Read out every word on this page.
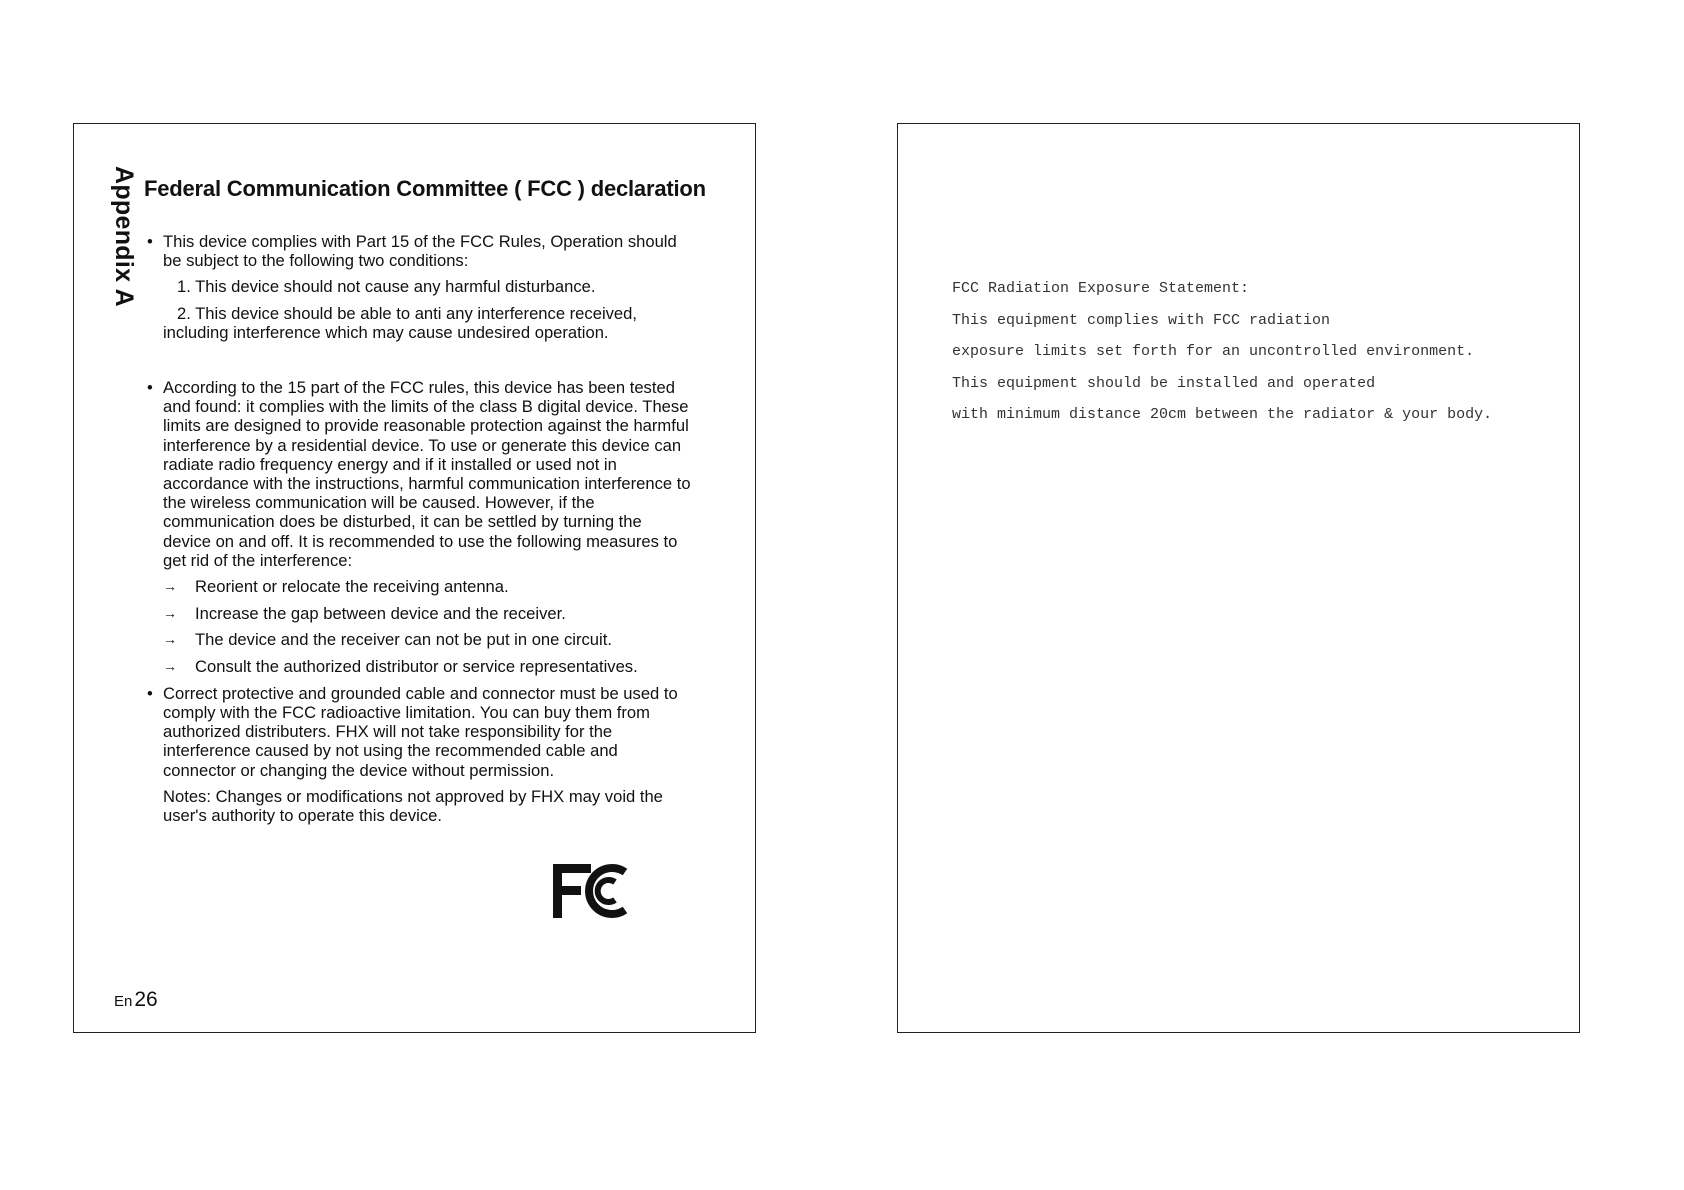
Appendix A Federal Communication Committee ( FCC ) declaration
• This device complies with Part 15 of the FCC Rules, Operation should be subject to the following two conditions:
1. This device should not cause any harmful disturbance.
2. This device should be able to anti any interference received, including interference which may cause undesired operation.
• According to the 15 part of the FCC rules, this device has been tested and found: it complies with the limits of the class B digital device. These limits are designed to provide reasonable protection against the harmful interference by a residential device. To use or generate this device can radiate radio frequency energy and if it installed or used not in accordance with the instructions, harmful communication interference to the wireless communication will be caused. However, if the communication does be disturbed, it can be settled by turning the device on and off. It is recommended to use the following measures to get rid of the interference:
→ Reorient or relocate the receiving antenna.
→ Increase the gap between device and the receiver.
→ The device and the receiver can not be put in one circuit.
→ Consult the authorized distributor or service representatives.
• Correct protective and grounded cable and connector must be used to comply with the FCC radioactive limitation. You can buy them from authorized distributers. FHX will not take responsibility for the interference caused by not using the recommended cable and connector or changing the device without permission.
Notes: Changes or modifications not approved by FHX may void the user's authority to operate this device.
En26
FCC Radiation Exposure Statement:
This equipment complies with FCC radiation
exposure limits set forth for an uncontrolled environment.
This equipment should be installed and operated
with minimum distance 20cm between the radiator & your body.
